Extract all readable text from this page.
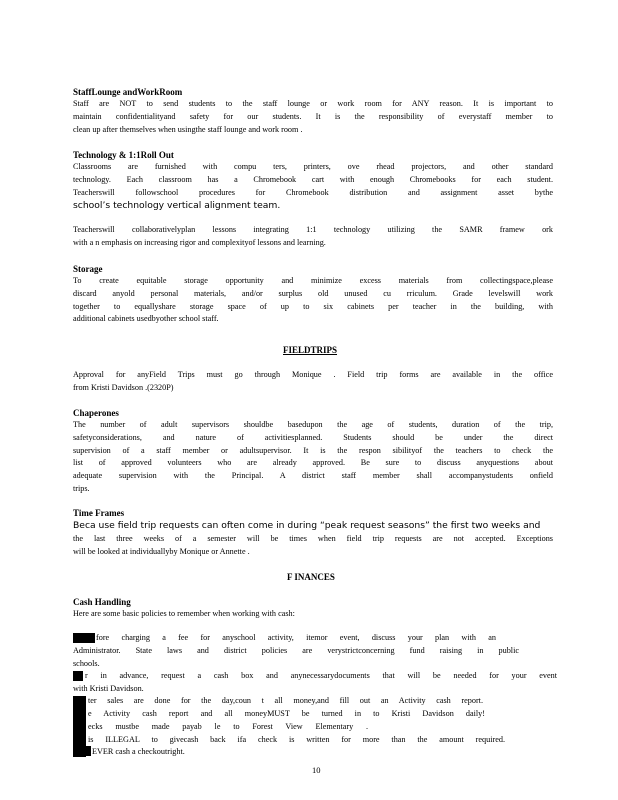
StaffLounge andWorkRoom
Staff are NOT to send students to the staff lounge or work room for ANY reason. It is important to
maintain confidentialityand safety for our students. It is the responsibility of everystaff member to
clean up after themselves when usingthe staff lounge and work room .
Technology & 1:1Roll Out
Classrooms are furnished with compu ters, printers, ove rhead projectors, and other standard
technology. Each classroom has a Chromebook cart with enough Chromebooks for each student.
Teacherswill followschool procedures for Chromebook distribution and assignment asset bythe
school’s technology vertical alignment team.
Teacherswill collaborativelyplan lessons integrating 1:1 technology utilizing the SAMR framew ork
with a n emphasis on increasing rigor and complexityof lessons and learning.
Storage
To create equitable storage opportunity and minimize excess materials from collectingspace,please
discard anyold personal materials, and/or surplus old unused cu rriculum. Grade levelswill work
together to equallyshare storage space of up to six cabinets per teacher in the building, with
additional cabinets usedbyother school staff.
FIELDTRIPS
Approval for anyField Trips must go through Monique . Field trip forms are available in the office
from Kristi Davidson .(2320P)
Chaperones
The number of adult supervisors shouldbe basedupon the age of students, duration of the trip,
safetyconsiderations, and nature of activitiesplanned. Students should be under the direct
supervision of a staff member or adultsupervisor. It is the respon sibilityof the teachers to check the
list of approved volunteers who are already approved. Be sure to discuss anyquestions about
adequate supervision with the Principal. A district staff member shall accompanystudents onfield
trips.
Time Frames
Beca use field trip requests can often come in during “peak request seasons” the first two weeks and
the last three weeks of a semester will be times when field trip requests are not accepted. Exceptions
will be looked at individuallyby Monique or Annette .
F INANCES
Cash Handling
Here are some basic policies to remember when working with cash:
fore charging a fee for anyschool activity, itemor event, discuss your plan with an
Administrator. State laws and district policies are verystrictconcerning fund raising in public
schools.
r in advance, request a cash box and anynecessarydocuments that will be needed for your event
with Kristi Davidson.
ter sales are done for the day,coun t all money,and fill out an Activity cash report.
e Activity cash report and all moneyMUST be turned in to Kristi Davidson daily!
ecks mustbe made payab le to Forest View Elementary .
is ILLEGAL to givecash back ifa check is written for more than the amount required.
EVER cash a checkoutright.
10
